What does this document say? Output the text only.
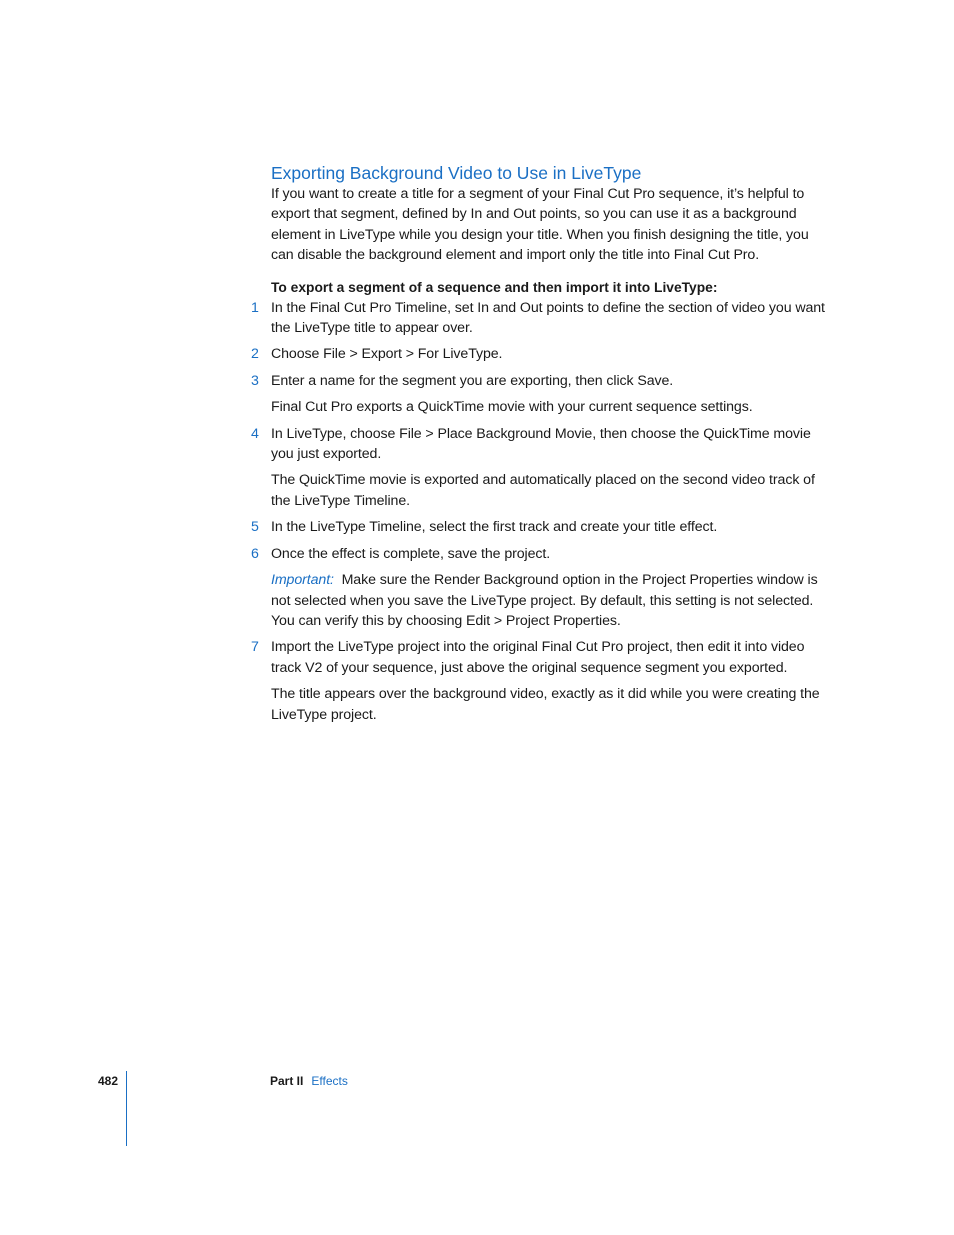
Exporting Background Video to Use in LiveType

If you want to create a title for a segment of your Final Cut Pro sequence, it’s helpful to export that segment, defined by In and Out points, so you can use it as a background element in LiveType while you design your title. When you finish designing the title, you can disable the background element and import only the title into Final Cut Pro.

To export a segment of a sequence and then import it into LiveType:

1 In the Final Cut Pro Timeline, set In and Out points to define the section of video you want the LiveType title to appear over.

2 Choose File > Export > For LiveType.

3 Enter a name for the segment you are exporting, then click Save.

Final Cut Pro exports a QuickTime movie with your current sequence settings.

4 In LiveType, choose File > Place Background Movie, then choose the QuickTime movie you just exported.

The QuickTime movie is exported and automatically placed on the second video track of the LiveType Timeline.

5 In the LiveType Timeline, select the first track and create your title effect.

6 Once the effect is complete, save the project.

Important: Make sure the Render Background option in the Project Properties window is not selected when you save the LiveType project. By default, this setting is not selected. You can verify this by choosing Edit > Project Properties.

7 Import the LiveType project into the original Final Cut Pro project, then edit it into video track V2 of your sequence, just above the original sequence segment you exported.

The title appears over the background video, exactly as it did while you were creating the LiveType project.

482	Part II Effects
